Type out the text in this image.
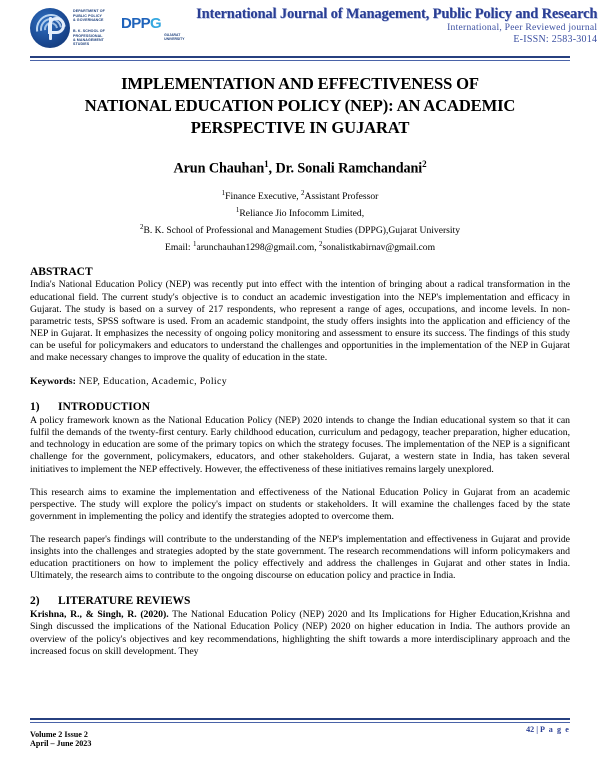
DEPARTMENT OF
PUBLIC POLICY
& GOVERNANCE
B. K. SCHOOL OF PROFESSIONAL
& MANAGEMENT STUDIES
DPPG
GUJARAT
UNIVERSITY
International Journal of Management, Public Policy and Research
International, Peer Reviewed journal
E-ISSN: 2583-3014
IMPLEMENTATION AND EFFECTIVENESS OF
NATIONAL EDUCATION POLICY (NEP): AN ACADEMIC
PERSPECTIVE IN GUJARAT
Arun Chauhan$^1$, Dr. Sonali Ramchandani$^2$
$^1$Finance Executive, $^2$Assistant Professor
$^1$Reliance Jio Infocomm Limited,
$^2$B. K. School of Professional and Management Studies (DPPG),Gujarat University
Email: $^1$arunchauhan1298@gmail.com, $^2$sonalistkabirnav@gmail.com
ABSTRACT

India's National Education Policy (NEP) was recently put into effect with the intention of bringing about a radical transformation in the educational field. The current study's objective is to conduct an academic investigation into the NEP's implementation and efficacy in Gujarat. The study is based on a survey of 217 respondents, who represent a range of ages, occupations, and income levels. In non-parametric tests, SPSS software is used. From an academic standpoint, the study offers insights into the application and efficiency of the NEP in Gujarat. It emphasizes the necessity of ongoing policy monitoring and assessment to ensure its success. The findings of this study can be useful for policymakers and educators to understand the challenges and opportunities in the implementation of the NEP in Gujarat and make necessary changes to improve the quality of education in the state.

Keywords: NEP, Education, Academic, Policy

1) INTRODUCTION

A policy framework known as the National Education Policy (NEP) 2020 intends to change the Indian educational system so that it can fulfil the demands of the twenty-first century. Early childhood education, curriculum and pedagogy, teacher preparation, higher education, and technology in education are some of the primary topics on which the strategy focuses. The implementation of the NEP is a significant challenge for the government, policymakers, educators, and other stakeholders. Gujarat, a western state in India, has taken several initiatives to implement the NEP effectively. However, the effectiveness of these initiatives remains largely unexplored.

This research aims to examine the implementation and effectiveness of the National Education Policy in Gujarat from an academic perspective. The study will explore the policy's impact on students or stakeholders. It will examine the challenges faced by the state government in implementing the policy and identify the strategies adopted to overcome them.

The research paper's findings will contribute to the understanding of the NEP's implementation and effectiveness in Gujarat and provide insights into the challenges and strategies adopted by the state government. The research recommendations will inform policymakers and education practitioners on how to implement the policy effectively and address the challenges in Gujarat and other states in India. Ultimately, the research aims to contribute to the ongoing discourse on education policy and practice in India.

2) LITERATURE REVIEWS

Krishna, R., & Singh, R. (2020). The National Education Policy (NEP) 2020 and Its Implications for Higher Education,Krishna and Singh discussed the implications of the National Education Policy (NEP) 2020 on higher education in India. The authors provide an overview of the policy's objectives and key recommendations, highlighting the shift towards a more interdisciplinary approach and the increased focus on skill development. They

Volume 2 Issue 2
April – June 2023
42 | P a g e
